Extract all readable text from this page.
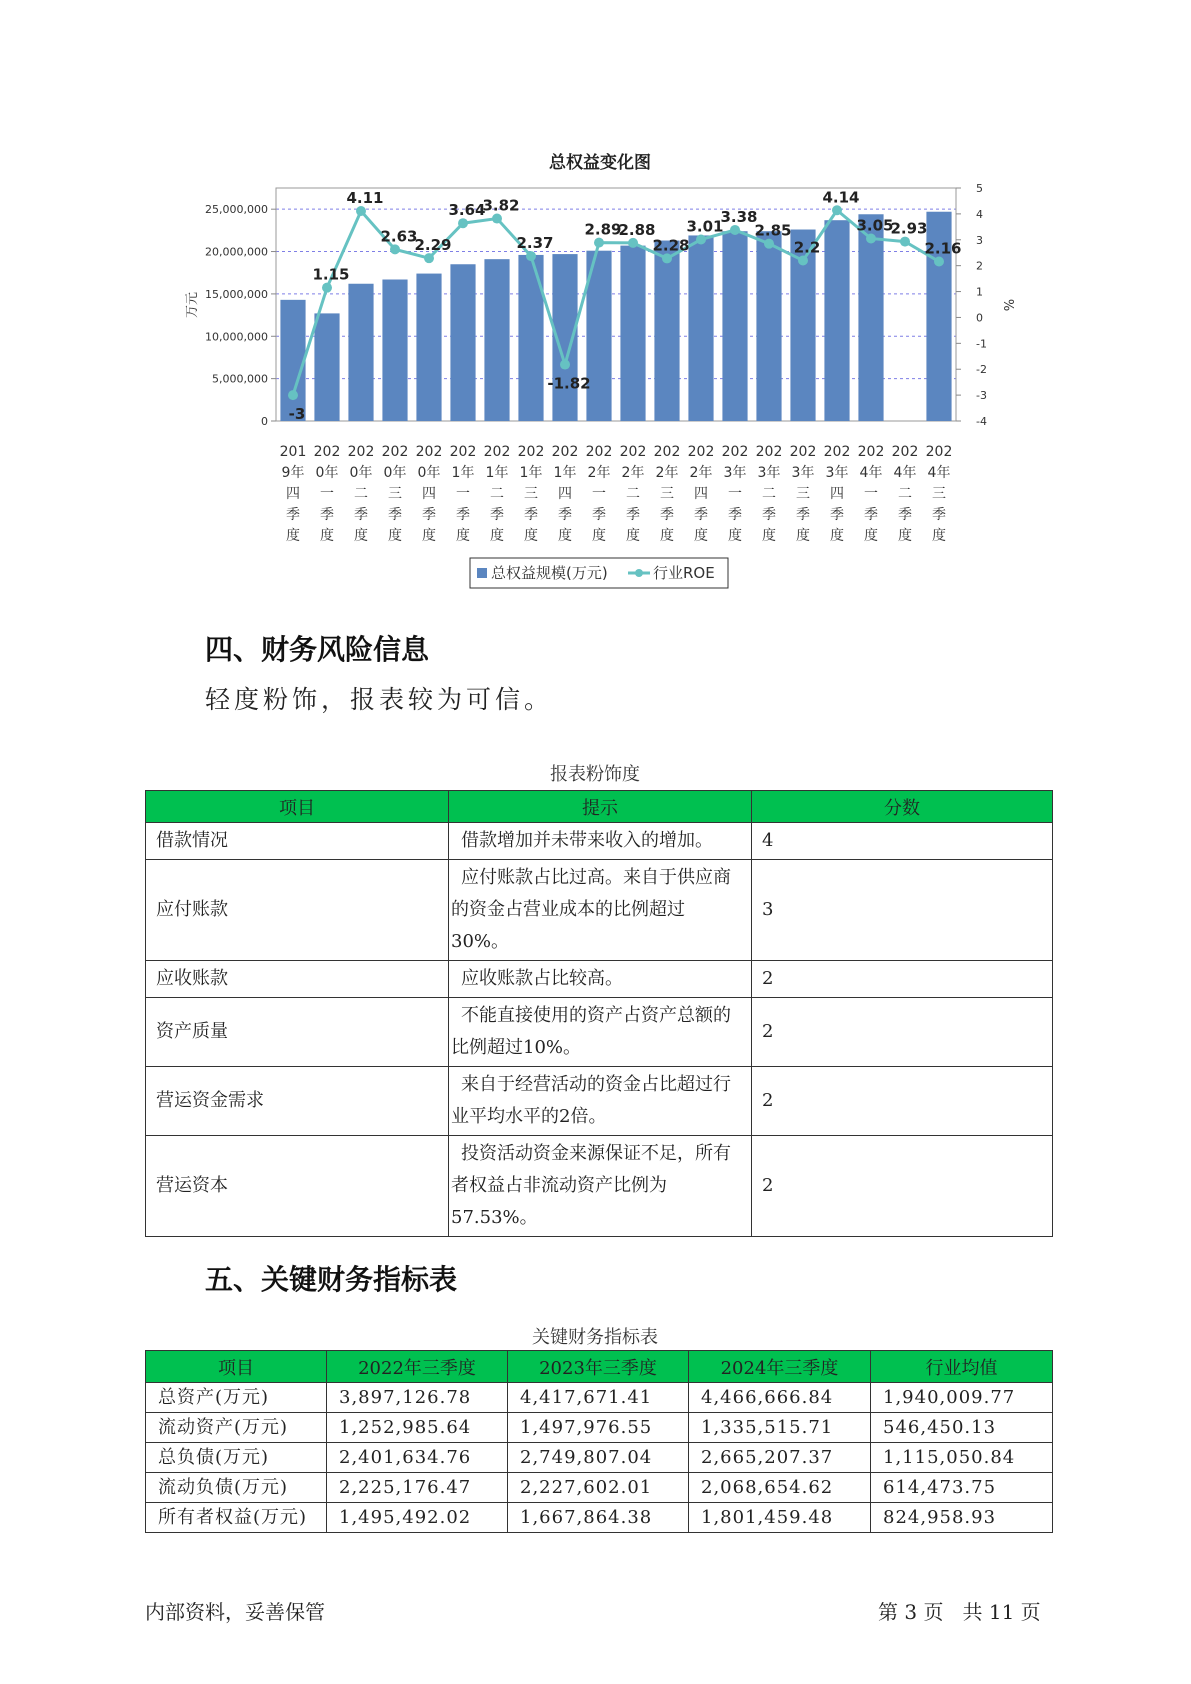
总权益变化图
-3
1.15
4.11
2.63
2.29
3.64
3.82
2.37
-1.82
2.89
2.88
2.28
3.01
3.38
2.85
2.2
4.14
3.05
2.93
2.16
25,000,000
20,000,000
15,000,000
10,000,000
5,000,000
0
5
4
3
2
1
0
-1
-2
-3
-4
万元	%
201
9年
四
季
度
202
0年
一
季
度
202
0年
二
季
度
202
0年
三
季
度
202
0年
四
季
度
202
1年
一
季
度
202
1年
二
季
度
202
1年
三
季
度
202
1年
四
季
度
202
2年
一
季
度
202
2年
二
季
度
202
2年
三
季
度
202
2年
四
季
度
202
3年
一
季
度
202
3年
二
季
度
202
3年
三
季
度
202
3年
四
季
度
202
4年
一
季
度
202
4年
二
季
度
202
4年
三
季
度
总权益规模(万元)	行业ROE
四、财务风险信息
轻度粉饰，报表较为可信。
报表粉饰度
项目	提示	分数
借款情况	借款增加并未带来收入的增加。	4
应付账款	应付账款占比过高。来自于供应商的资金占营业成本的比例超过30%。	3
应收账款	应收账款占比较高。	2
资产质量	不能直接使用的资产占资产总额的比例超过10%。	2
营运资金需求	来自于经营活动的资金占比超过行业平均水平的2倍。	2
营运资本	投资活动资金来源保证不足，所有者权益占非流动资产比例为57.53%。	2
五、关键财务指标表
关键财务指标表
项目	2022年三季度	2023年三季度	2024年三季度	行业均值
总资产(万元)	3,897,126.78	4,417,671.41	4,466,666.84	1,940,009.77
流动资产(万元)	1,252,985.64	1,497,976.55	1,335,515.71	546,450.13
总负债(万元)	2,401,634.76	2,749,807.04	2,665,207.37	1,115,050.84
流动负债(万元)	2,225,176.47	2,227,602.01	2,068,654.62	614,473.75
所有者权益(万元)	1,495,492.02	1,667,864.38	1,801,459.48	824,958.93
内部资料，妥善保管	第 3 页   共 11 页
